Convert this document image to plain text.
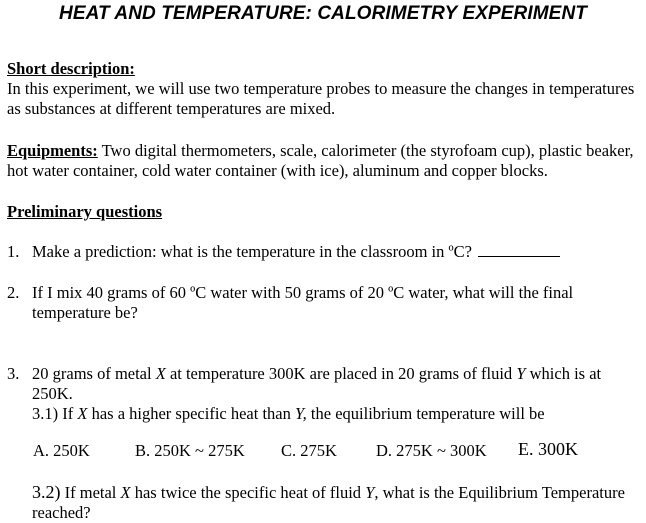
HEAT AND TEMPERATURE: CALORIMETRY EXPERIMENT
Short description:
In this experiment, we will use two temperature probes to measure the changes in temperatures as substances at different temperatures are mixed.
Equipments: Two digital thermometers, scale, calorimeter (the styrofoam cup), plastic beaker, hot water container, cold water container (with ice), aluminum and copper blocks.
Preliminary questions
1. Make a prediction: what is the temperature in the classroom in ºC?
2. If I mix 40 grams of 60 ºC water with 50 grams of 20 ºC water, what will the final temperature be?
3. 20 grams of metal X at temperature 300K are placed in 20 grams of fluid Y which is at 250K.
3.1) If X has a higher specific heat than Y, the equilibrium temperature will be
A. 250K	B. 250K ~ 275K C. 275K D. 275K ~ 300K E. 300K
3.2) If metal X has twice the specific heat of fluid Y, what is the Equilibrium Temperature reached?
